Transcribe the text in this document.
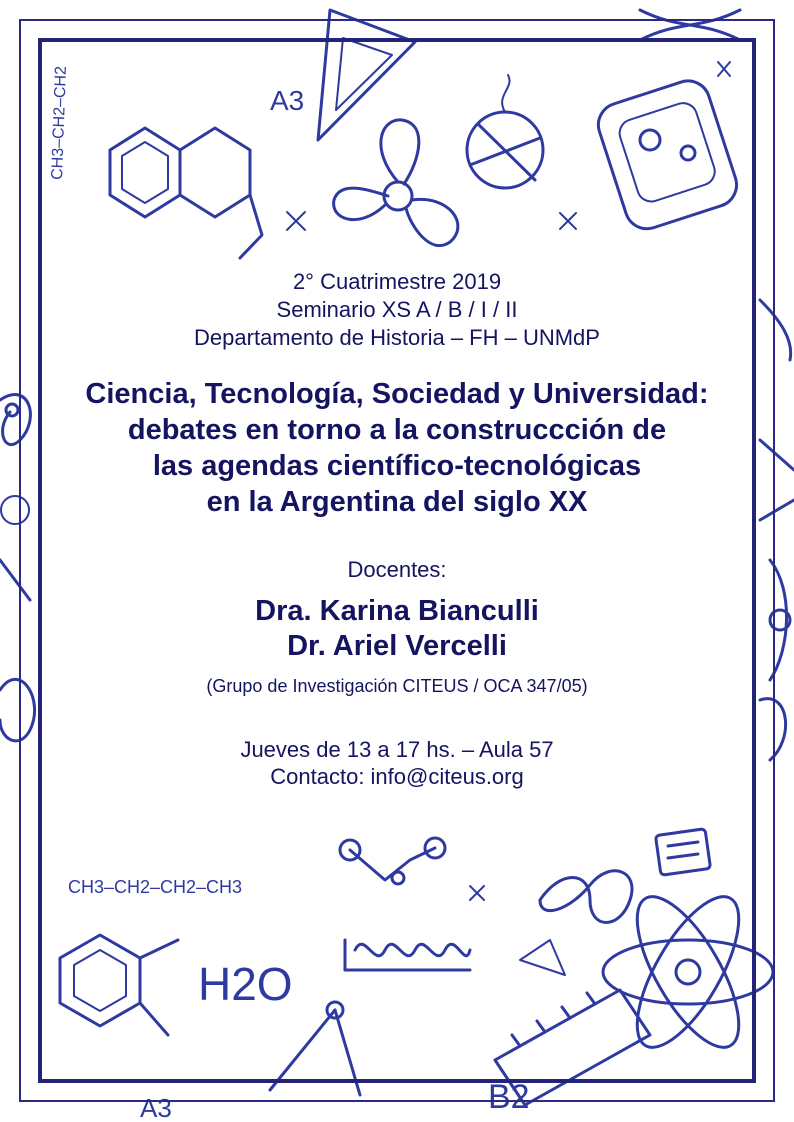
CH3–CH2–CH2
CH3–CH2–CH2–CH3
H2O
A3
A3	B2
2° Cuatrimestre 2019
Seminario XS A / B / I / II
Departamento de Historia – FH – UNMdP
Ciencia, Tecnología, Sociedad y Universidad:
debates en torno a la construccción de
las agendas científico-tecnológicas
en la Argentina del siglo XX
Docentes:
Dra. Karina Bianculli
Dr. Ariel Vercelli
(Grupo de Investigación CITEUS / OCA 347/05)
Jueves de 13 a 17 hs. – Aula 57
Contacto: info@citeus.org
